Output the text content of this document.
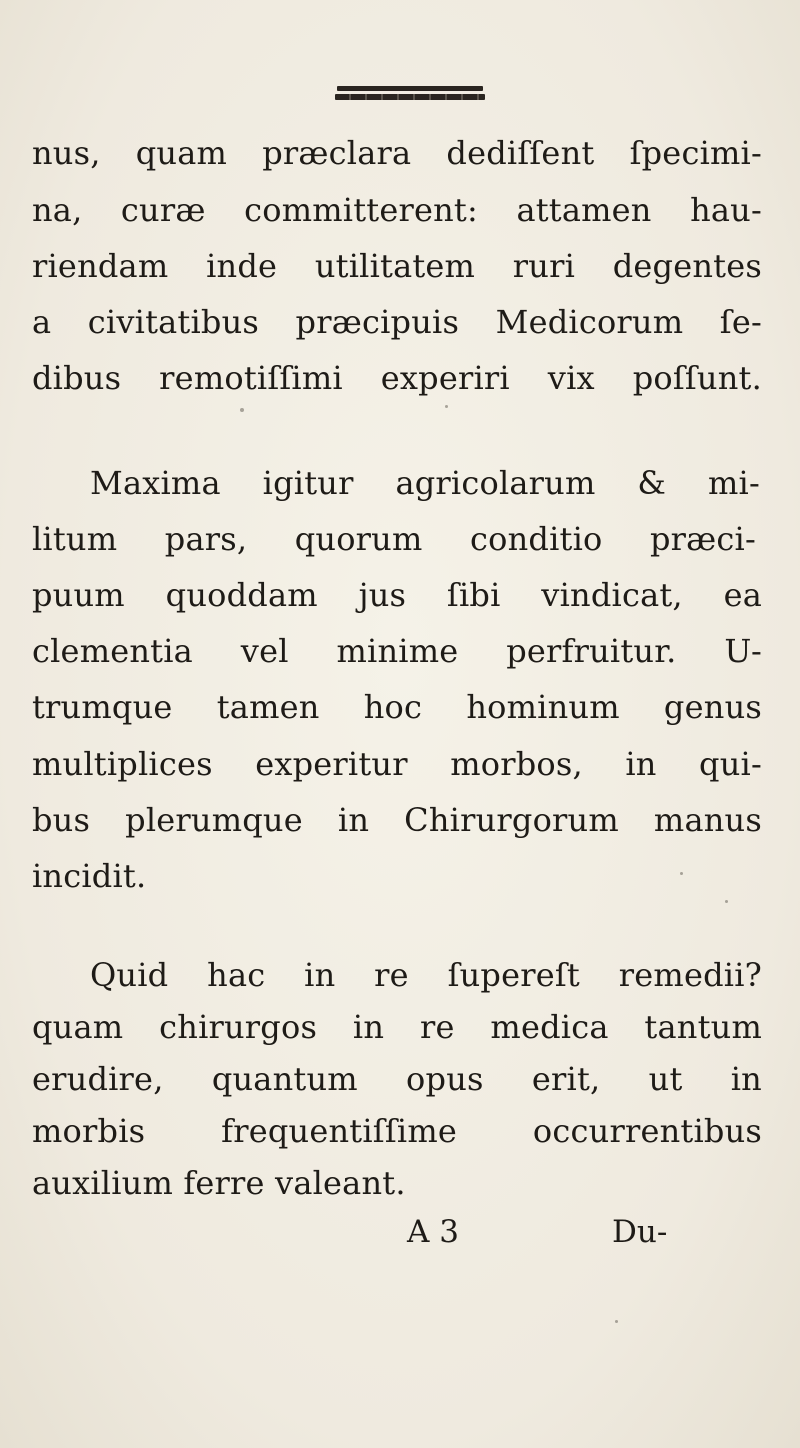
nus, quam præclara dediſſent ſpecimi-
na, curæ committerent: attamen hau-
riendam inde utilitatem ruri degentes
a civitatibus præcipuis Medicorum ſe-
dibus remotiſſimi experiri vix poſſunt.
Maxima igitur agricolarum & mi-
litum pars, quorum conditio præci-
puum quoddam jus ſibi vindicat, ea
clementia vel minime perfruitur. U-
trumque tamen hoc hominum genus
multiplices experitur morbos, in qui-
bus plerumque in Chirurgorum manus
incidit.
Quid hac in re ſupereſt remedii?
quam chirurgos in re medica tantum
erudire, quantum opus erit, ut in
morbis frequentiſſime occurrentibus
auxilium ferre valeant.
A 3	Du-
